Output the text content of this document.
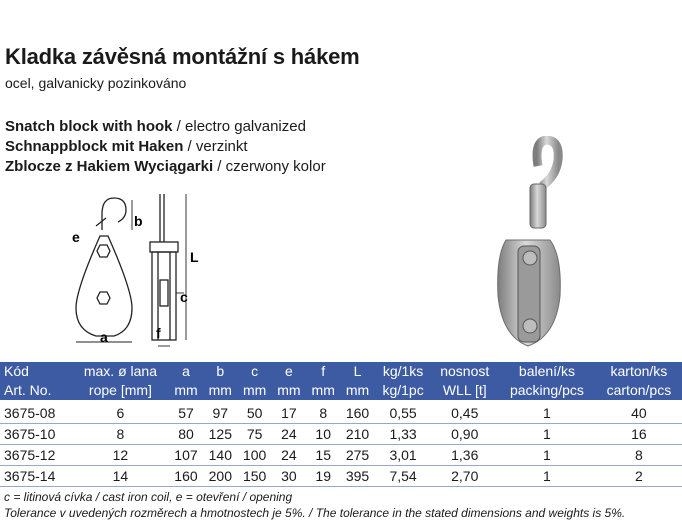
Kladka závěsná montážní s hákem
ocel, galvanicky pozinkováno
Snatch block with hook / electro galvanized
Schnappblock mit Haken / verzinkt
Zblocze z Hakiem Wyciągarki / czerwony kolor
e
b
L
c
f
a
Kód	max. ø lana	a	b	c	e	f	L	kg/1ks	nosnost	balení/ks	karton/ks
Art. No.	rope [mm]	mm	mm	mm	mm	mm	mm	kg/1pc	WLL [t]	packing/pcs	carton/pcs
3675-08	6	57	97	50	17	8	160	0,55	0,45	1	40
3675-10	8	80	125	75	24	10	210	1,33	0,90	1	16
3675-12	12	107	140	100	24	15	275	3,01	1,36	1	8
3675-14	14	160	200	150	30	19	395	7,54	2,70	1	2
c = litinová cívka / cast iron coil, e = otevření / opening
Tolerance v uvedených rozměrech a hmotnostech je 5%. / The tolerance in the stated dimensions and weights is 5%.
